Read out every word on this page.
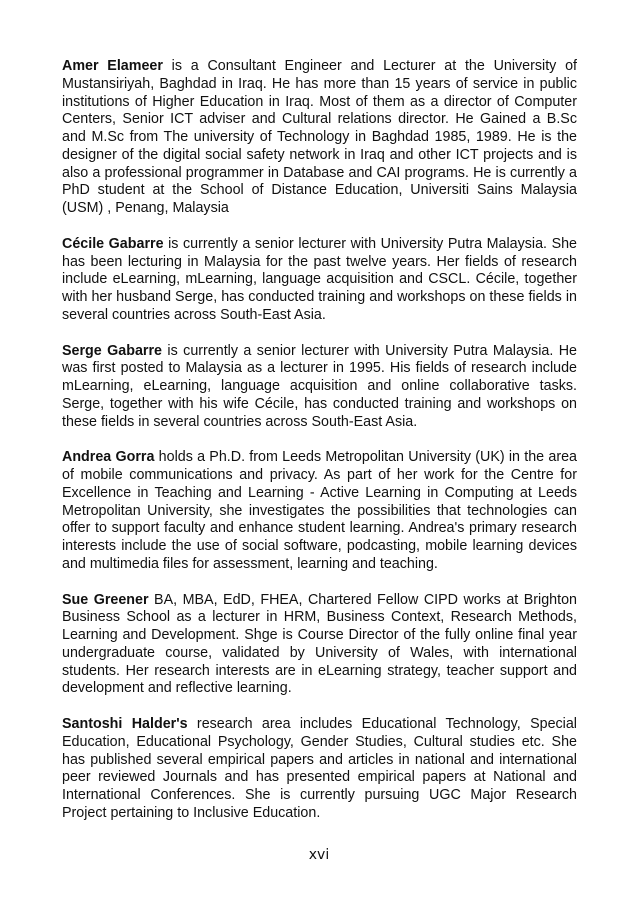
Amer Elameer is a Consultant Engineer and Lecturer at the University of Mustansiriyah, Baghdad in Iraq. He has more than 15 years of service in public institutions of Higher Education in Iraq. Most of them as a director of Computer Centers, Senior ICT adviser and Cultural relations director. He Gained a B.Sc and M.Sc from The university of Technology in Baghdad 1985, 1989. He is the designer of the digital social safety network in Iraq and other ICT projects and is also a professional programmer in Database and CAI programs. He is currently a PhD student at the School of Distance Education, Universiti Sains Malaysia (USM) , Penang, Malaysia

Cécile Gabarre is currently a senior lecturer with University Putra Malaysia. She has been lecturing in Malaysia for the past twelve years. Her fields of research include eLearning, mLearning, language acquisition and CSCL. Cécile, together with her husband Serge, has conducted training and workshops on these fields in several countries across South-East Asia.

Serge Gabarre is currently a senior lecturer with University Putra Malaysia. He was first posted to Malaysia as a lecturer in 1995. His fields of research include mLearning, eLearning, language acquisition and online collaborative tasks. Serge, together with his wife Cécile, has conducted training and workshops on these fields in several countries across South-East Asia.

Andrea Gorra holds a Ph.D. from Leeds Metropolitan University (UK) in the area of mobile communications and privacy. As part of her work for the Centre for Excellence in Teaching and Learning - Active Learning in Computing at Leeds Metropolitan University, she investigates the possibilities that technologies can offer to support faculty and enhance student learning. Andrea's primary research interests include the use of social software, podcasting, mobile learning devices and multimedia files for assessment, learning and teaching.

Sue Greener BA, MBA, EdD, FHEA, Chartered Fellow CIPD works at Brighton Business School as a lecturer in HRM, Business Context, Research Methods, Learning and Development. Shge is Course Director of the fully online final year undergraduate course, validated by University of Wales, with international students. Her research interests are in eLearning strategy, teacher support and development and reflective learning.

Santoshi Halder's research area includes Educational Technology, Special Education, Educational Psychology, Gender Studies, Cultural studies etc. She has published several empirical papers and articles in national and international peer reviewed Journals and has presented empirical papers at National and International Conferences. She is currently pursuing UGC Major Research Project pertaining to Inclusive Education.

xvi
